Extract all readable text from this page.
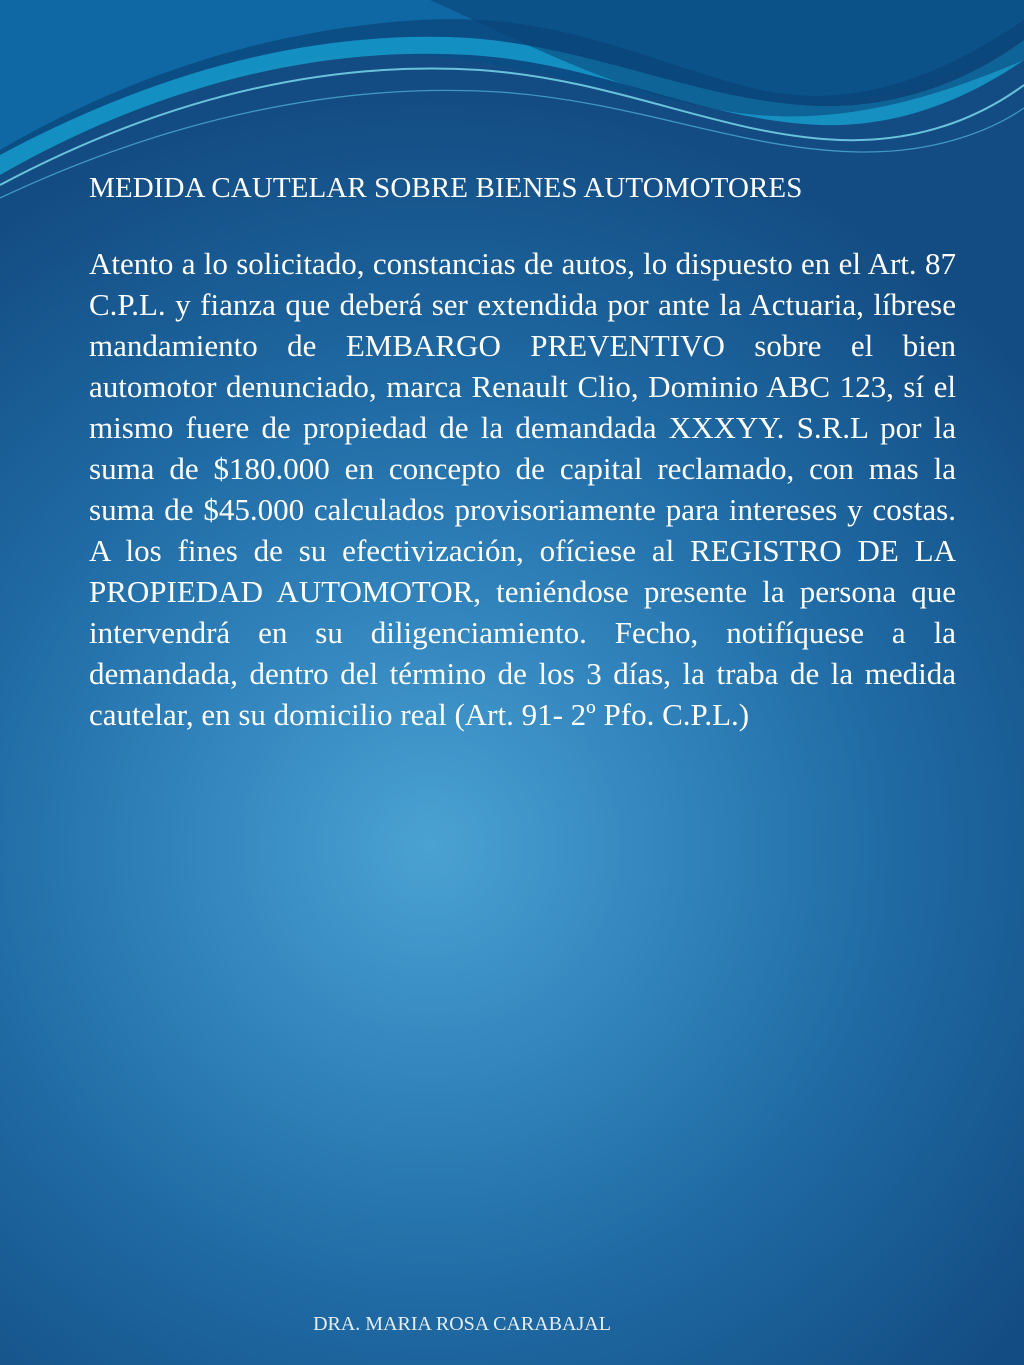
MEDIDA CAUTELAR SOBRE BIENES AUTOMOTORES

Atento a lo solicitado, constancias de autos, lo dispuesto en el Art. 87 C.P.L. y fianza que deberá ser extendida por ante la Actuaria, líbrese mandamiento de EMBARGO PREVENTIVO sobre el bien automotor denunciado, marca Renault Clio, Dominio ABC 123, sí el mismo fuere de propiedad de la demandada XXXYY. S.R.L por la suma de $180.000 en concepto de capital reclamado, con mas la suma de $45.000 calculados provisoriamente para intereses y costas. A los fines de su efectivización, ofíciese al REGISTRO DE LA PROPIEDAD AUTOMOTOR, teniéndose presente la persona que intervendrá en su diligenciamiento. Fecho, notifíquese a la demandada, dentro del término de los 3 días, la traba de la medida cautelar, en su domicilio real (Art. 91- 2º Pfo. C.P.L.)

DRA. MARIA ROSA CARABAJAL
